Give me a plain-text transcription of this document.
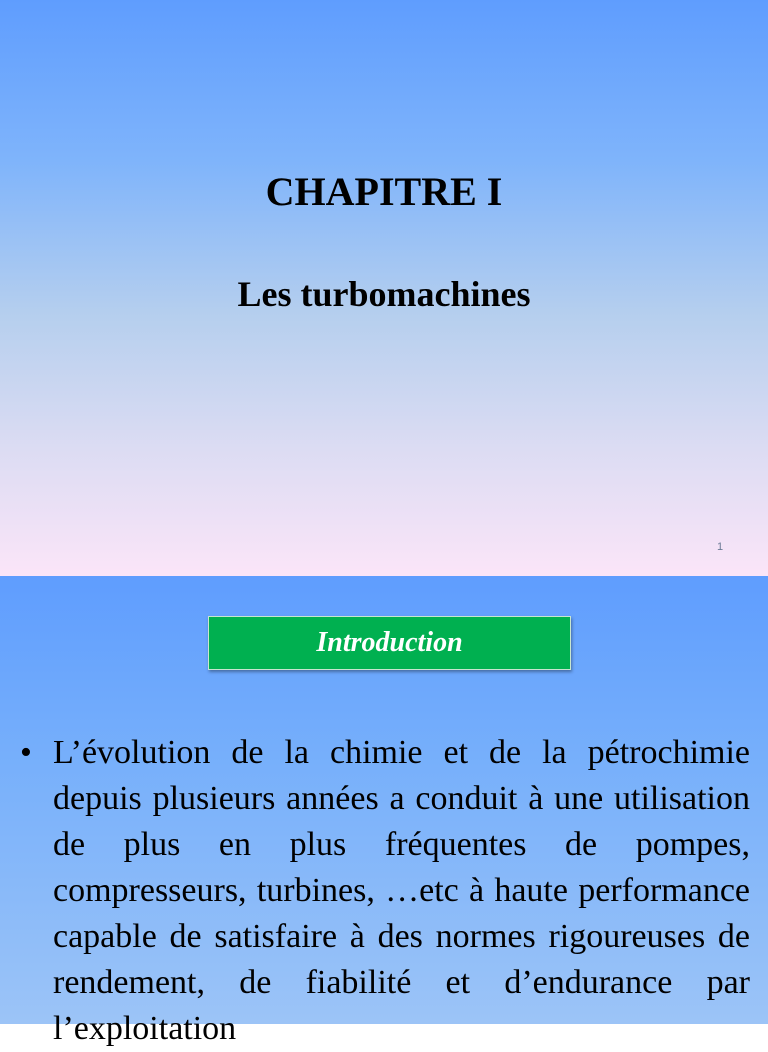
CHAPITRE I
Les turbomachines
1
Introduction
• L’évolution de la chimie et de la pétrochimie depuis plusieurs années a conduit à une utilisation de plus en plus fréquentes de pompes, compresseurs, turbines, …etc à haute performance capable de satisfaire à des normes rigoureuses de rendement, de fiabilité et d’endurance par l’exploitation
